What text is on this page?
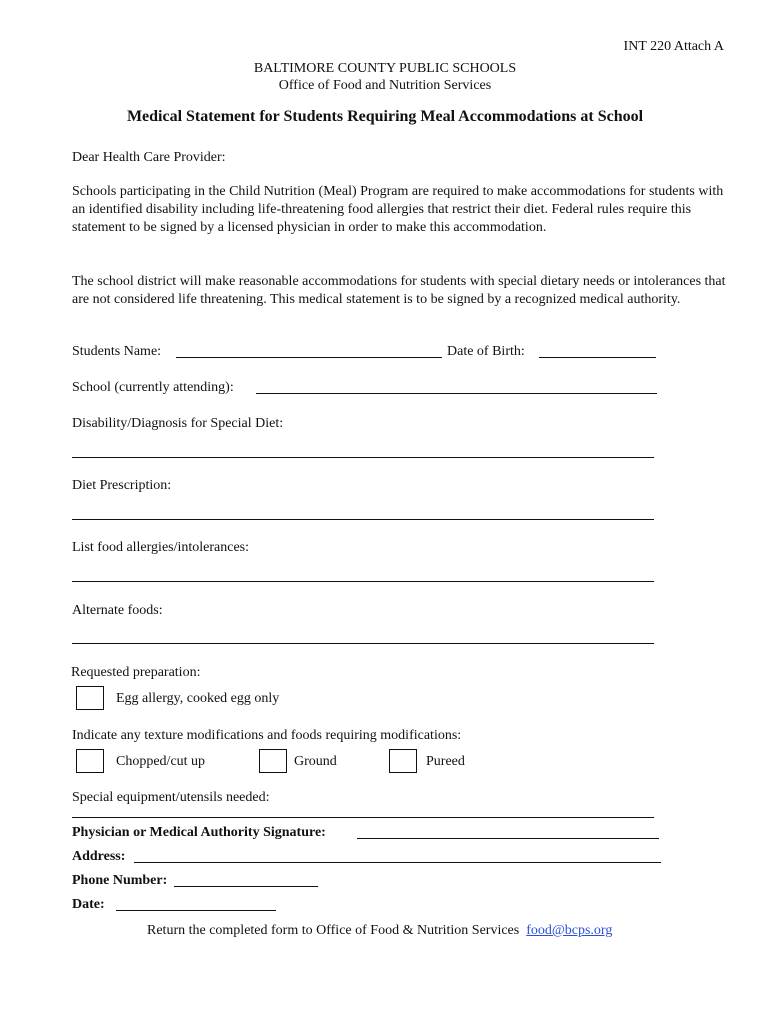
INT 220 Attach A
BALTIMORE COUNTY PUBLIC SCHOOLS
Office of Food and Nutrition Services
Medical Statement for Students Requiring Meal Accommodations at School
Dear Health Care Provider:
Schools participating in the Child Nutrition (Meal) Program are required to make accommodations for students with an identified disability including life-threatening food allergies that restrict their diet. Federal rules require this statement to be signed by a licensed physician in order to make this accommodation.
The school district will make reasonable accommodations for students with special dietary needs or intolerances that are not considered life threatening. This medical statement is to be signed by a recognized medical authority.
Students Name:	Date of Birth:
School (currently attending):
Disability/Diagnosis for Special Diet:
Diet Prescription:
List food allergies/intolerances:
Alternate foods:
Requested preparation:
Egg allergy, cooked egg only
Indicate any texture modifications and foods requiring modifications:
Chopped/cut up	Ground	Pureed
Special equipment/utensils needed:
Physician or Medical Authority Signature:
Address:
Phone Number:
Date:
Return the completed form to Office of Food & Nutrition Services food@bcps.org
